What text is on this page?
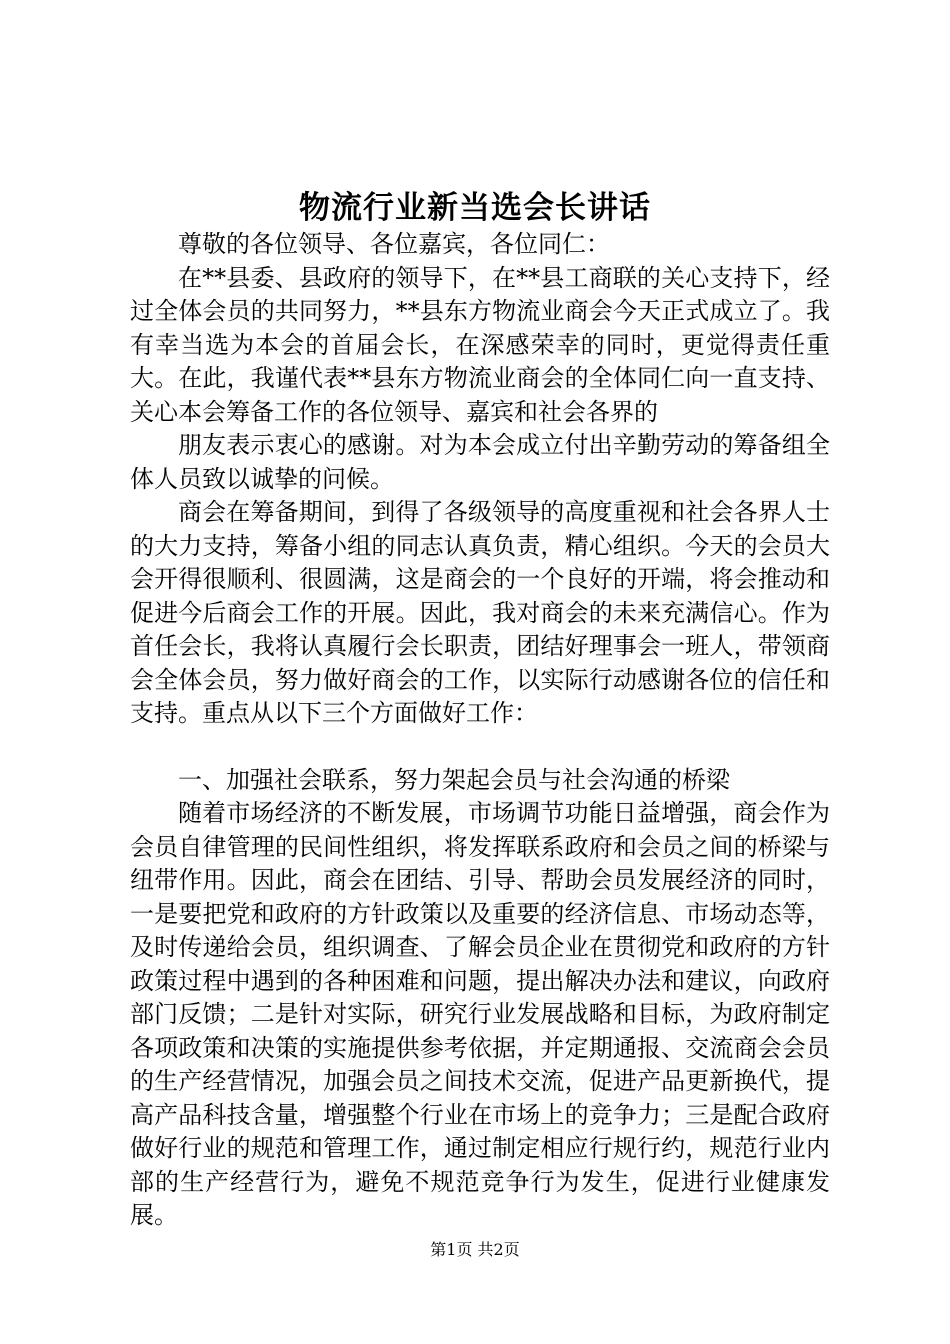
物流行业新当选会长讲话

尊敬的各位领导、各位嘉宾，各位同仁：

在**县委、县政府的领导下，在**县工商联的关心支持下，经过全体会员的共同努力，**县东方物流业商会今天正式成立了。我有幸当选为本会的首届会长，在深感荣幸的同时，更觉得责任重大。在此，我谨代表**县东方物流业商会的全体同仁向一直支持、关心本会筹备工作的各位领导、嘉宾和社会各界的

朋友表示衷心的感谢。对为本会成立付出辛勤劳动的筹备组全体人员致以诚挚的问候。

商会在筹备期间，到得了各级领导的高度重视和社会各界人士的大力支持，筹备小组的同志认真负责，精心组织。今天的会员大会开得很顺利、很圆满，这是商会的一个良好的开端，将会推动和促进今后商会工作的开展。因此，我对商会的未来充满信心。作为首任会长，我将认真履行会长职责，团结好理事会一班人，带领商会全体会员，努力做好商会的工作，以实际行动感谢各位的信任和支持。重点从以下三个方面做好工作：

一、加强社会联系，努力架起会员与社会沟通的桥梁

随着市场经济的不断发展，市场调节功能日益增强，商会作为会员自律管理的民间性组织，将发挥联系政府和会员之间的桥梁与纽带作用。因此，商会在团结、引导、帮助会员发展经济的同时，一是要把党和政府的方针政策以及重要的经济信息、市场动态等，及时传递给会员，组织调查、了解会员企业在贯彻党和政府的方针政策过程中遇到的各种困难和问题，提出解决办法和建议，向政府部门反馈；二是针对实际，研究行业发展战略和目标，为政府制定各项政策和决策的实施提供参考依据，并定期通报、交流商会会员的生产经营情况，加强会员之间技术交流，促进产品更新换代，提高产品科技含量，增强整个行业在市场上的竞争力；三是配合政府做好行业的规范和管理工作，通过制定相应行规行约，规范行业内部的生产经营行为，避免不规范竞争行为发生，促进行业健康发展。

第1页 共2页
